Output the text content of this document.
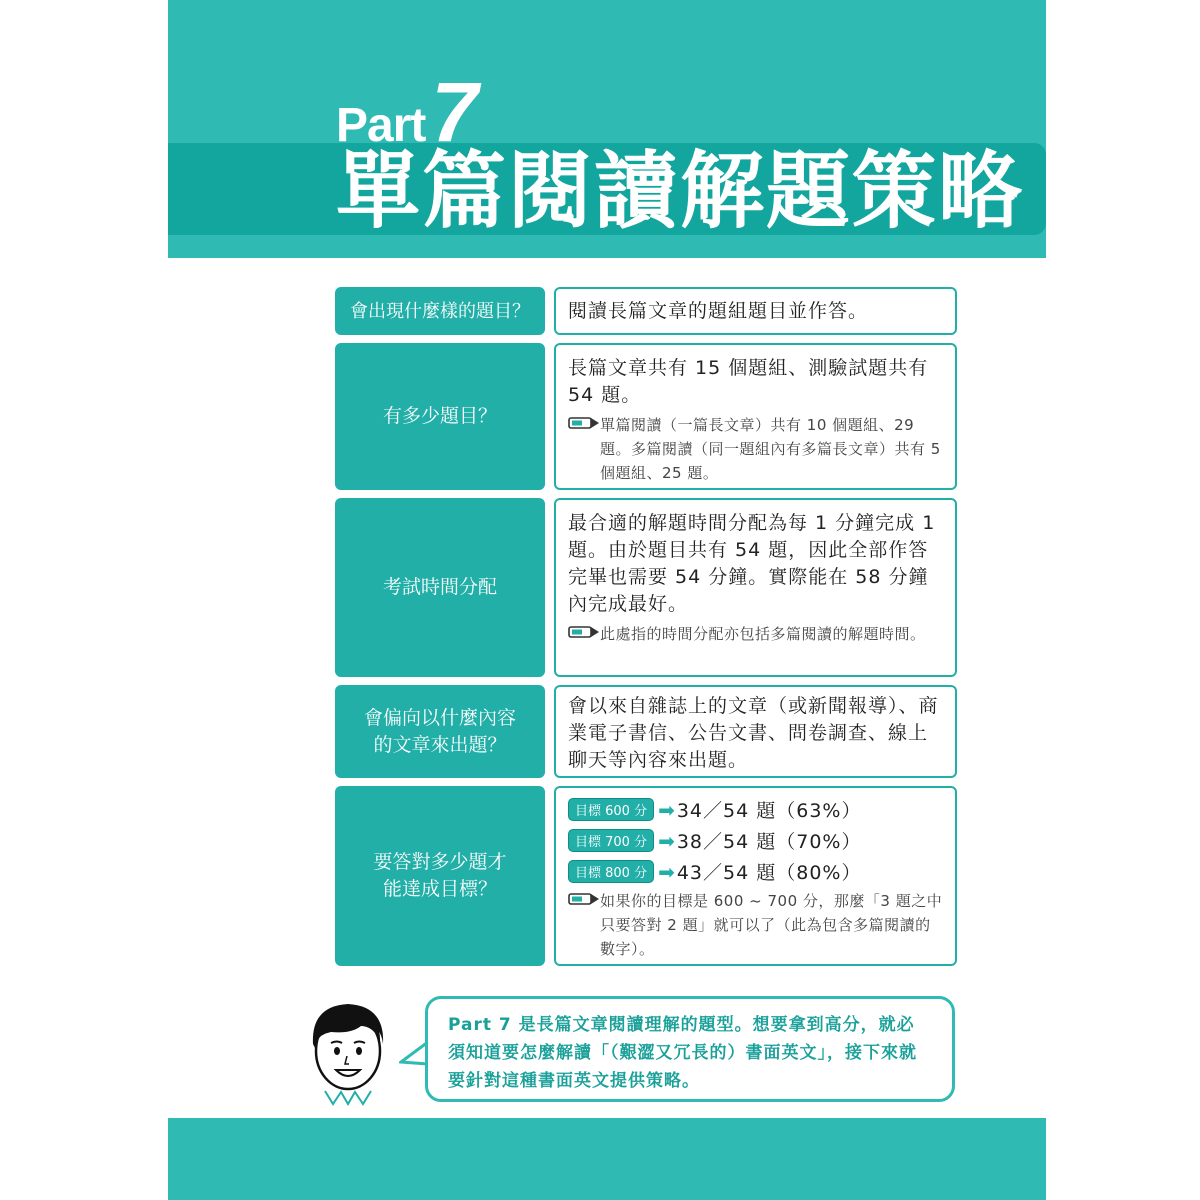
Part7
單篇閱讀解題策略
會出現什麼樣的題目？	閱讀長篇文章的題組題目並作答。
有多少題目？
長篇文章共有 15 個題組、測驗試題共有 54 題。
單篇閱讀（一篇長文章）共有 10 個題組、29 題。多篇閱讀（同一題組內有多篇長文章）共有 5 個題組、25 題。
考試時間分配
最合適的解題時間分配為每 1 分鐘完成 1 題。由於題目共有 54 題，因此全部作答完畢也需要 54 分鐘。實際能在 58 分鐘內完成最好。
此處指的時間分配亦包括多篇閱讀的解題時間。
會偏向以什麼內容
的文章來出題？
會以來自雜誌上的文章（或新聞報導）、商業電子書信、公告文書、問卷調查、線上聊天等內容來出題。
要答對多少題才
能達成目標？
目標 600 分 ➡ 34／54 題（63%）
目標 700 分 ➡ 38／54 題（70%）
目標 800 分 ➡ 43／54 題（80%）
如果你的目標是 600 ~ 700 分，那麼「3 題之中只要答對 2 題」就可以了（此為包含多篇閱讀的數字）。
Part 7 是長篇文章閱讀理解的題型。想要拿到高分，就必須知道要怎麼解讀「（艱澀又冗長的）書面英文」，接下來就要針對這種書面英文提供策略。
